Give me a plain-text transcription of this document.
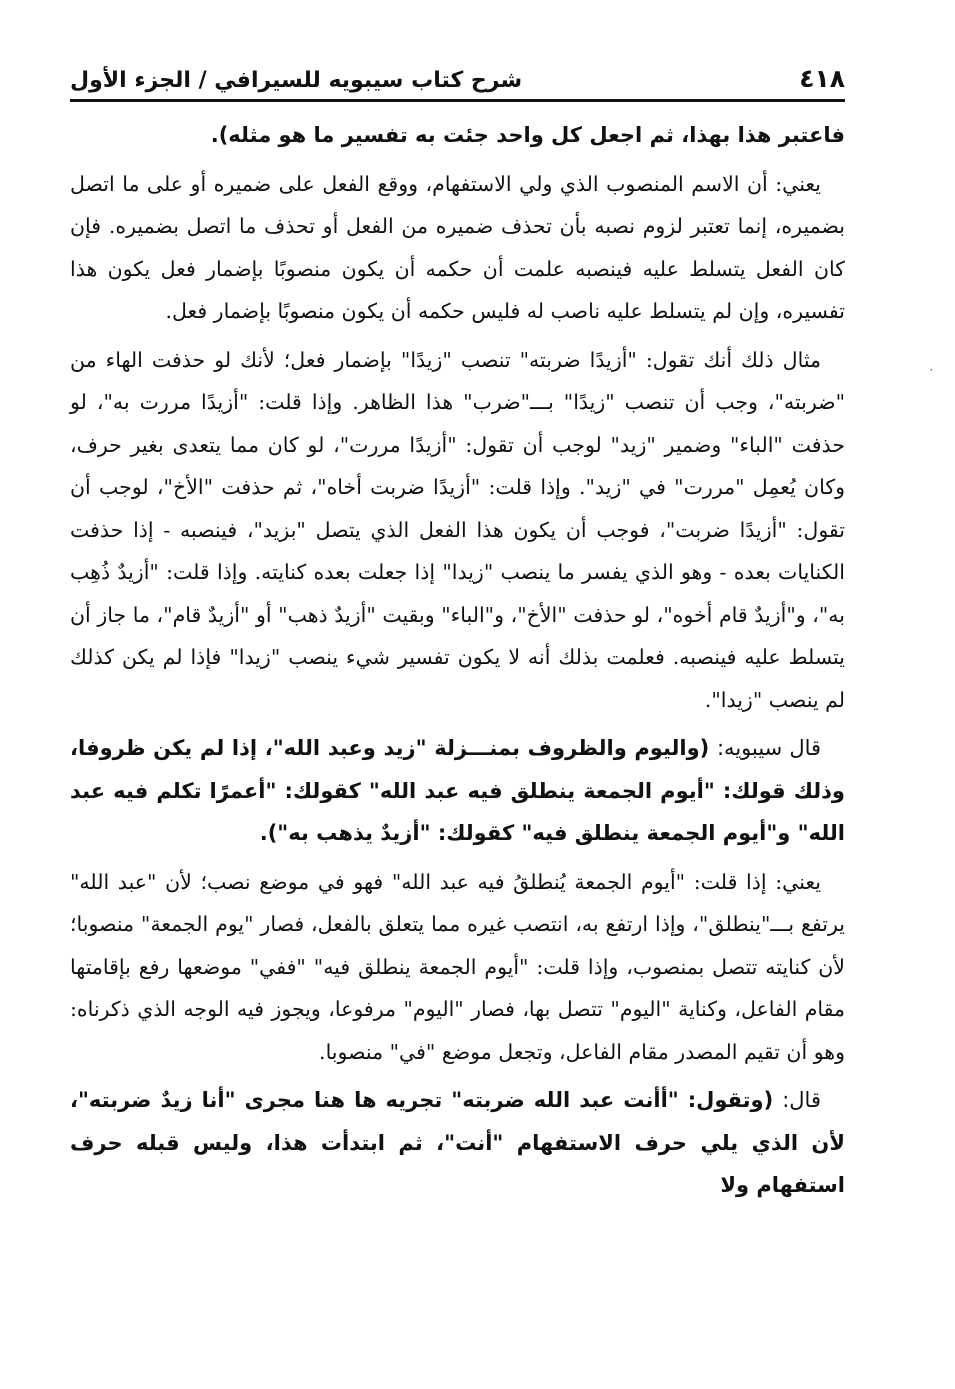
٠
٤١٨
شرح كتاب سيبويه للسيرافي / الجزء الأول

فاعتبر هذا بهذا، ثم اجعل كل واحد جئت به تفسير ما هو مثله).

يعني: أن الاسم المنصوب الذي ولي الاستفهام، ووقع الفعل على ضميره أو على ما اتصل بضميره، إنما تعتبر لزوم نصبه بأن تحذف ضميره من الفعل أو تحذف ما اتصل بضميره. فإن كان الفعل يتسلط عليه فينصبه علمت أن حكمه أن يكون منصوبًا بإضمار فعل يكون هذا تفسيره، وإن لم يتسلط عليه ناصب له فليس حكمه أن يكون منصوبًا بإضمار فعل.

مثال ذلك أنك تقول: "أزيدًا ضربته" تنصب "زيدًا" بإضمار فعل؛ لأنك لو حذفت الهاء من "ضربته"، وجب أن تنصب "زيدًا" بـــ"ضرب" هذا الظاهر. وإذا قلت: "أزيدًا مررت به"، لو حذفت "الباء" وضمير "زيد" لوجب أن تقول: "أزيدًا مررت"، لو كان مما يتعدى بغير حرف، وكان يُعمِل "مررت" في "زيد". وإذا قلت: "أزيدًا ضربت أخاه"، ثم حذفت "الأخ"، لوجب أن تقول: "أزيدًا ضربت"، فوجب أن يكون هذا الفعل الذي يتصل "بزيد"، فينصبه - إذا حذفت الكنايات بعده - وهو الذي يفسر ما ينصب "زيدا" إذا جعلت بعده كنايته. وإذا قلت: "أزيدٌ ذُهِب به"، و"أزيدٌ قام أخوه"، لو حذفت "الأخ"، و"الباء" وبقيت "أزيدٌ ذهب" أو "أزيدٌ قام"، ما جاز أن يتسلط عليه فينصبه. فعلمت بذلك أنه لا يكون تفسير شيء ينصب "زيدا" فإذا لم يكن كذلك لم ينصب "زيدا".

قال سيبويه: (واليوم والظروف بمنـــزلة "زيد وعبد الله"، إذا لم يكن ظروفا، وذلك قولك: "أيوم الجمعة ينطلق فيه عبد الله" كقولك: "أعمرًا تكلم فيه عبد الله" و"أيوم الجمعة ينطلق فيه" كقولك: "أزيدٌ يذهب به").

يعني: إذا قلت: "أيوم الجمعة يُنطلقُ فيه عبد الله" فهو في موضع نصب؛ لأن "عبد الله" يرتفع بـــ"ينطلق"، وإذا ارتفع به، انتصب غيره مما يتعلق بالفعل، فصار "يوم الجمعة" منصوبا؛ لأن كنايته تتصل بمنصوب، وإذا قلت: "أيوم الجمعة ينطلق فيه" "ففي" موضعها رفع بإقامتها مقام الفاعل، وكناية "اليوم" تتصل بها، فصار "اليوم" مرفوعا، ويجوز فيه الوجه الذي ذكرناه: وهو أن تقيم المصدر مقام الفاعل، وتجعل موضع "في" منصوبا.

قال: (وتقول: "أأنت عبد الله ضربته" تجريه ها هنا مجرى "أنا زيدٌ ضربته"، لأن الذي يلي حرف الاستفهام "أنت"، ثم ابتدأت هذا، وليس قبله حرف استفهام ولا
